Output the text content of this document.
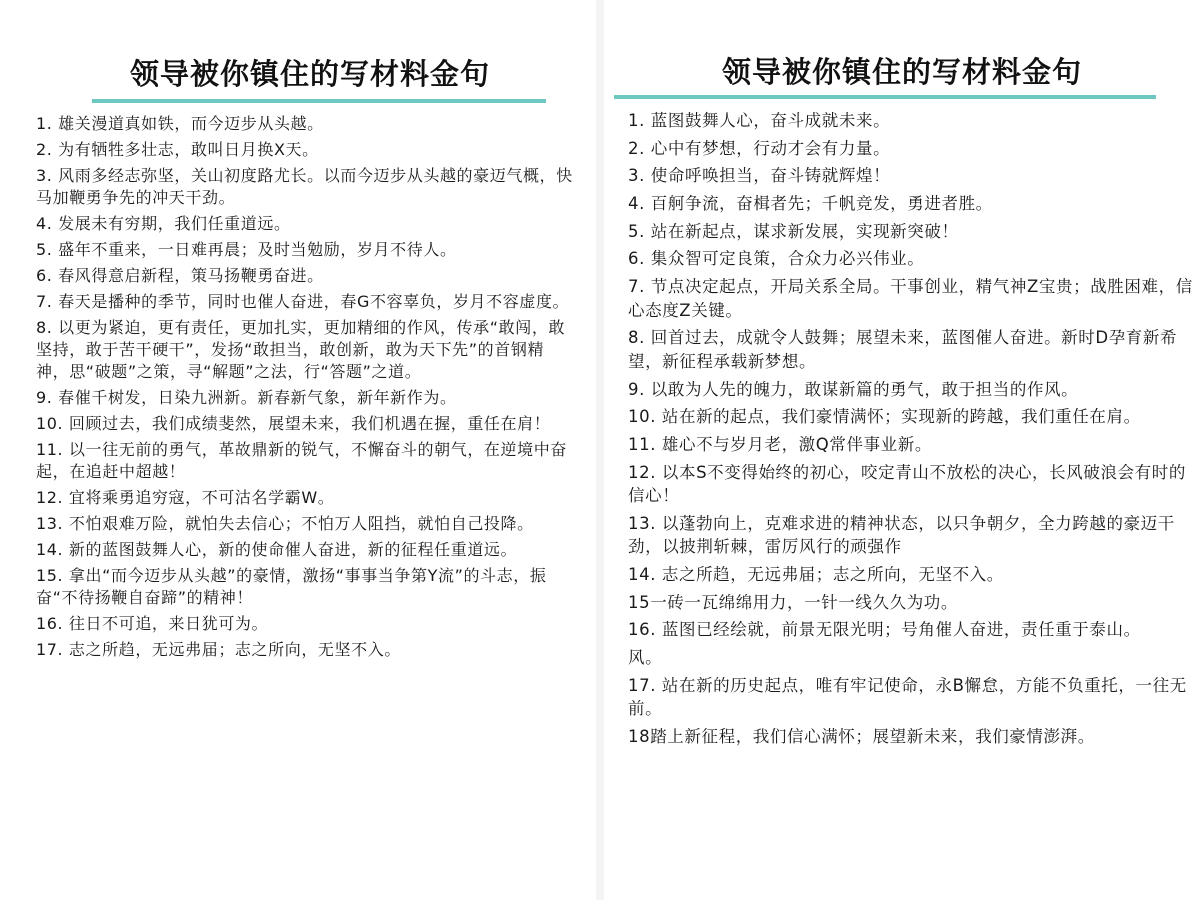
领导被你镇住的写材料金句
1. 雄关漫道真如铁，而今迈步从头越。
2. 为有牺牲多壮志，敢叫日月换X天。
3. 风雨多经志弥坚，关山初度路尤长。以而今迈步从头越的豪迈气概，快马加鞭勇争先的冲天干劲。
4. 发展未有穷期，我们任重道远。
5. 盛年不重来，一日难再晨；及时当勉励，岁月不待人。
6. 春风得意启新程，策马扬鞭勇奋进。
7. 春天是播种的季节，同时也催人奋进，春G不容辜负，岁月不容虚度。
8. 以更为紧迫，更有责任，更加扎实，更加精细的作风，传承“敢闯，敢坚持，敢于苦干硬干”，发扬“敢担当，敢创新，敢为天下先”的首钢精神，思“破题”之策，寻“解题”之法，行“答题”之道。
9. 春催千树发，日染九洲新。新春新气象，新年新作为。
10. 回顾过去，我们成绩斐然，展望未来，我们机遇在握，重任在肩！
11. 以一往无前的勇气，革故鼎新的锐气，不懈奋斗的朝气，在逆境中奋起，在追赶中超越！
12. 宜将乘勇追穷寇，不可沽名学霸W。
13. 不怕艰难万险，就怕失去信心；不怕万人阻挡，就怕自己投降。
14. 新的蓝图鼓舞人心，新的使命催人奋进，新的征程任重道远。
15. 拿出“而今迈步从头越”的豪情，激扬“事事当争第Y流”的斗志，振奋“不待扬鞭自奋蹄”的精神！
16. 往日不可追，来日犹可为。
17. 志之所趋，无远弗届；志之所向，无坚不入。
领导被你镇住的写材料金句
1. 蓝图鼓舞人心，奋斗成就未来。
2. 心中有梦想，行动才会有力量。
3. 使命呼唤担当，奋斗铸就辉煌！
4. 百舸争流，奋楫者先；千帆竞发，勇进者胜。
5. 站在新起点，谋求新发展，实现新突破！
6. 集众智可定良策，合众力必兴伟业。
7. 节点决定起点，开局关系全局。干事创业，精气神Z宝贵；战胜困难，信心态度Z关键。
8. 回首过去，成就令人鼓舞；展望未来，蓝图催人奋进。新时D孕育新希望，新征程承载新梦想。
9. 以敢为人先的魄力，敢谋新篇的勇气，敢于担当的作风。
10. 站在新的起点，我们豪情满怀；实现新的跨越，我们重任在肩。
11. 雄心不与岁月老，激Q常伴事业新。
12. 以本S不变得始终的初心，咬定青山不放松的决心，长风破浪会有时的信心！
13. 以蓬勃向上，克难求进的精神状态，以只争朝夕，全力跨越的豪迈干劲，以披荆斩棘，雷厉风行的顽强作
14. 志之所趋，无远弗届；志之所向，无坚不入。
15一砖一瓦绵绵用力，一针一线久久为功。
16. 蓝图已经绘就，前景无限光明；号角催人奋进，责任重于泰山。
风。
17. 站在新的历史起点，唯有牢记使命，永B懈怠，方能不负重托，一往无前。
18踏上新征程，我们信心满怀；展望新未来，我们豪情澎湃。
